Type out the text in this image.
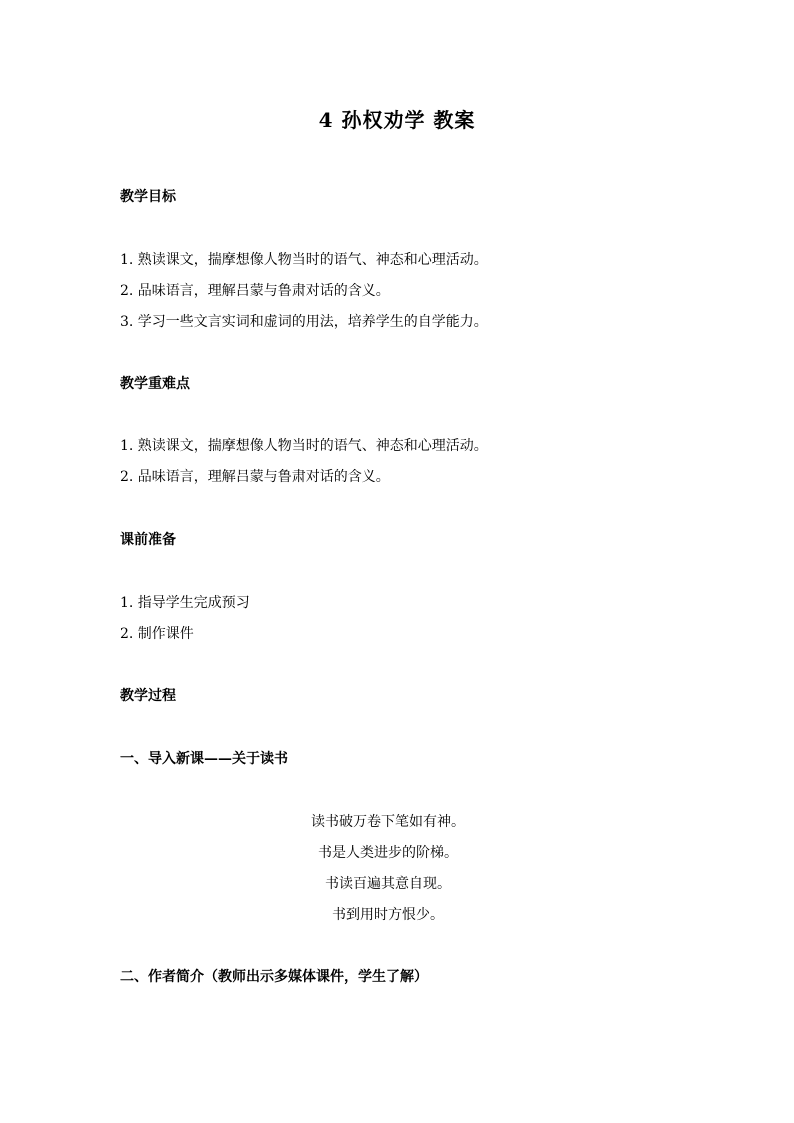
4 孙权劝学 教案
教学目标
1. 熟读课文，揣摩想像人物当时的语气、神态和心理活动。
2. 品味语言，理解吕蒙与鲁肃对话的含义。
3. 学习一些文言实词和虚词的用法，培养学生的自学能力。
教学重难点
1. 熟读课文，揣摩想像人物当时的语气、神态和心理活动。
2. 品味语言，理解吕蒙与鲁肃对话的含义。
课前准备
1. 指导学生完成预习
2. 制作课件
教学过程
一、导入新课——关于读书
读书破万卷下笔如有神。
书是人类进步的阶梯。
书读百遍其意自现。
书到用时方恨少。
二、作者简介（教师出示多媒体课件，学生了解）
